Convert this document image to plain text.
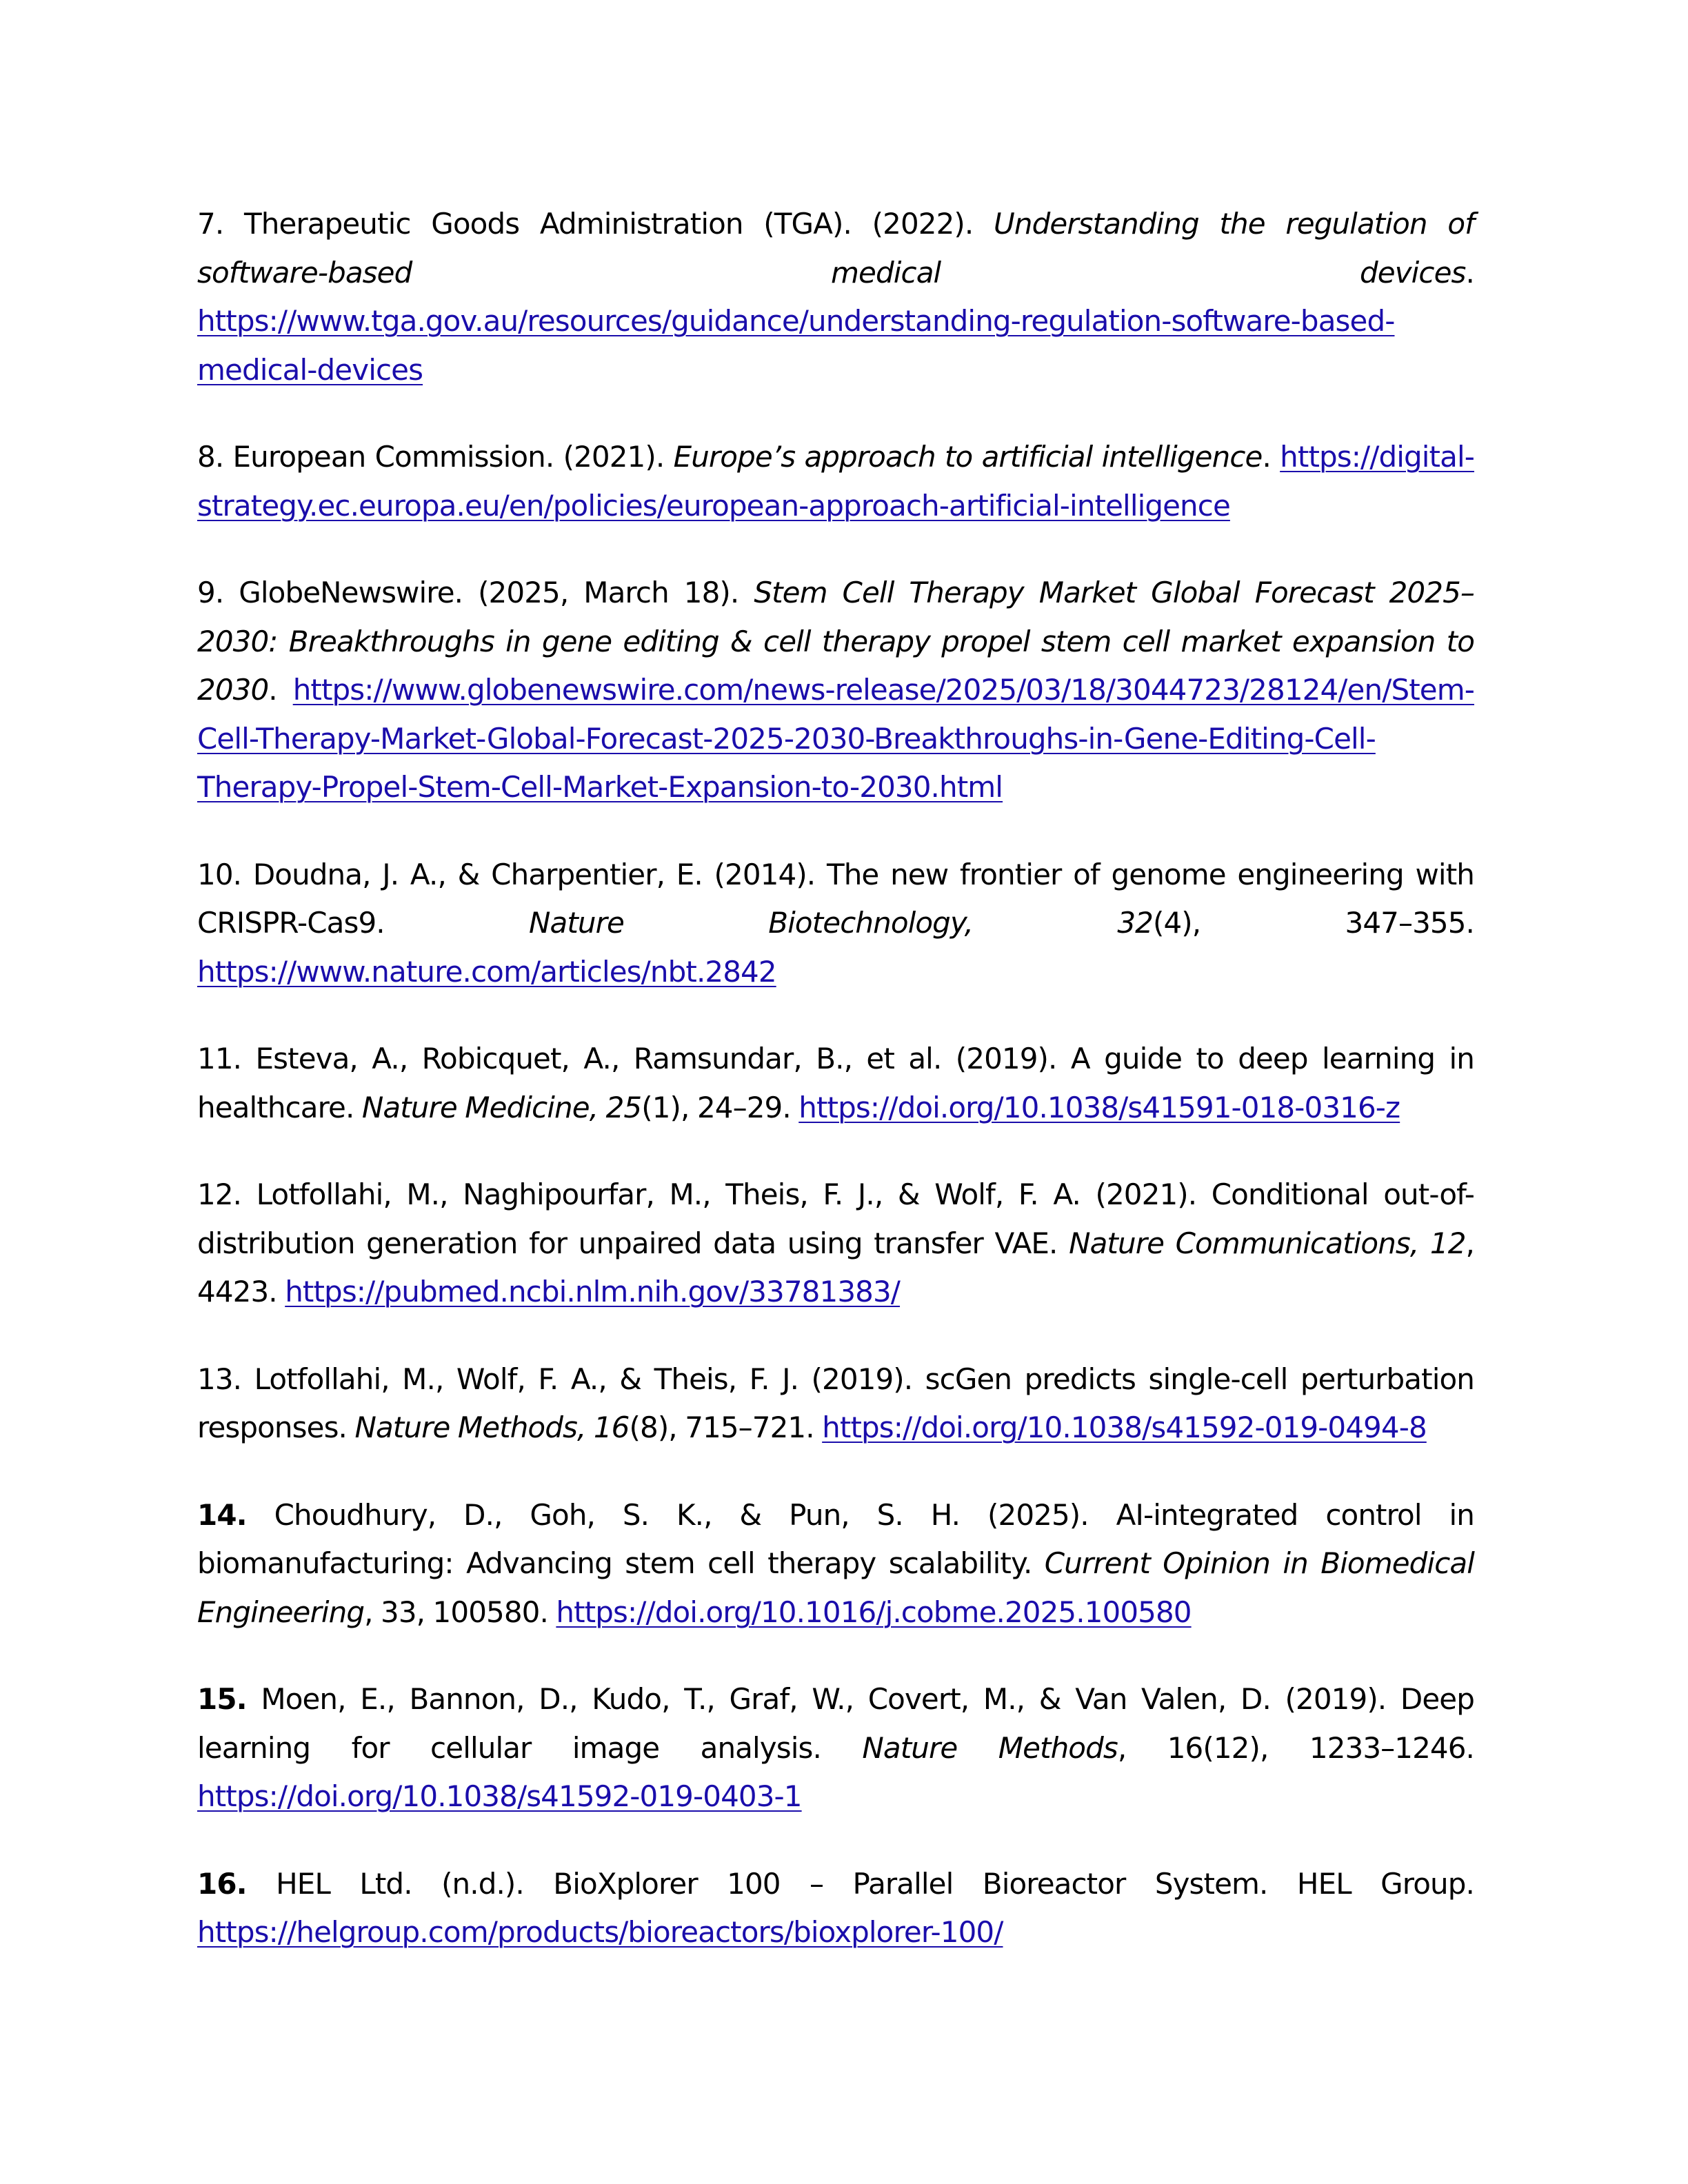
7. Therapeutic Goods Administration (TGA). (2022). Understanding the regulation of software-based medical devices. https://www.tga.gov.au/resources/guidance/understanding-regulation-software-based-medical-devices

8. European Commission. (2021). Europe’s approach to artificial intelligence. https://digital-strategy.ec.europa.eu/en/policies/european-approach-artificial-intelligence

9. GlobeNewswire. (2025, March 18). Stem Cell Therapy Market Global Forecast 2025–2030: Breakthroughs in gene editing & cell therapy propel stem cell market expansion to 2030. https://www.globenewswire.com/news-release/2025/03/18/3044723/28124/en/Stem-Cell-Therapy-Market-Global-Forecast-2025-2030-Breakthroughs-in-Gene-Editing-Cell-Therapy-Propel-Stem-Cell-Market-Expansion-to-2030.html

10. Doudna, J. A., & Charpentier, E. (2014). The new frontier of genome engineering with CRISPR-Cas9. Nature Biotechnology, 32(4), 347–355. https://www.nature.com/articles/nbt.2842

11. Esteva, A., Robicquet, A., Ramsundar, B., et al. (2019). A guide to deep learning in healthcare. Nature Medicine, 25(1), 24–29. https://doi.org/10.1038/s41591-018-0316-z

12. Lotfollahi, M., Naghipourfar, M., Theis, F. J., & Wolf, F. A. (2021). Conditional out-of-distribution generation for unpaired data using transfer VAE. Nature Communications, 12, 4423. https://pubmed.ncbi.nlm.nih.gov/33781383/

13. Lotfollahi, M., Wolf, F. A., & Theis, F. J. (2019). scGen predicts single-cell perturbation responses. Nature Methods, 16(8), 715–721. https://doi.org/10.1038/s41592-019-0494-8

14. Choudhury, D., Goh, S. K., & Pun, S. H. (2025). AI-integrated control in biomanufacturing: Advancing stem cell therapy scalability. Current Opinion in Biomedical Engineering, 33, 100580. https://doi.org/10.1016/j.cobme.2025.100580

15. Moen, E., Bannon, D., Kudo, T., Graf, W., Covert, M., & Van Valen, D. (2019). Deep learning for cellular image analysis. Nature Methods, 16(12), 1233–1246. https://doi.org/10.1038/s41592-019-0403-1

16. HEL Ltd. (n.d.). BioXplorer 100 – Parallel Bioreactor System. HEL Group. https://helgroup.com/products/bioreactors/bioxplorer-100/
